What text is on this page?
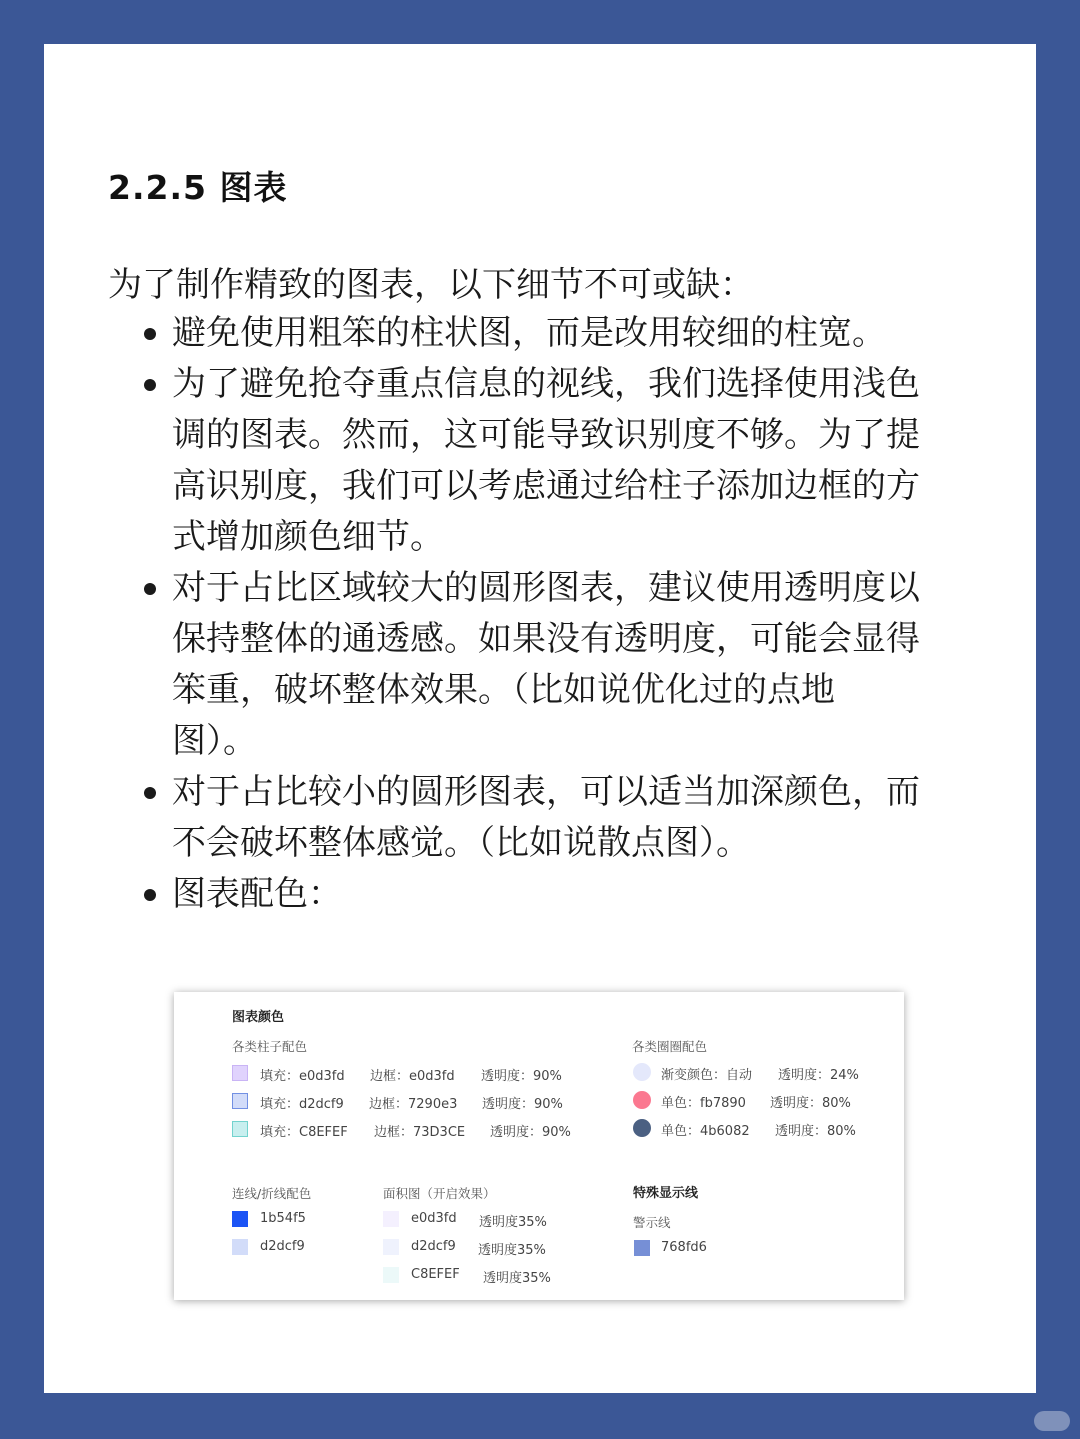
2.2.5 图表
为了制作精致的图表，以下细节不可或缺：
避免使用粗笨的柱状图，而是改用较细的柱宽。
为了避免抢夺重点信息的视线，我们选择使用浅色
调的图表。然而，这可能导致识别度不够。为了提
高识别度，我们可以考虑通过给柱子添加边框的方
式增加颜色细节。
对于占比区域较大的圆形图表，建议使用透明度以
保持整体的通透感。如果没有透明度，可能会显得
笨重，破坏整体效果。（比如说优化过的点地
图）。
对于占比较小的圆形图表，可以适当加深颜色，而
不会破坏整体感觉。（比如说散点图）。
图表配色：
图表颜色
各类柱子配色
填充：e0d3fd 边框：e0d3fd 透明度：90%
填充：d2dcf9 边框：7290e3 透明度：90%
填充：C8EFEF 边框：73D3CE 透明度：90%
各类圈圈配色
渐变颜色：自动 透明度：24%
单色：fb7890 透明度：80%
单色：4b6082 透明度：80%
连线/折线配色
1b54f5
d2dcf9
面积图（开启效果）
e0d3fd 透明度35%
d2dcf9 透明度35%
C8EFEF 透明度35%
特殊显示线
警示线
768fd6
